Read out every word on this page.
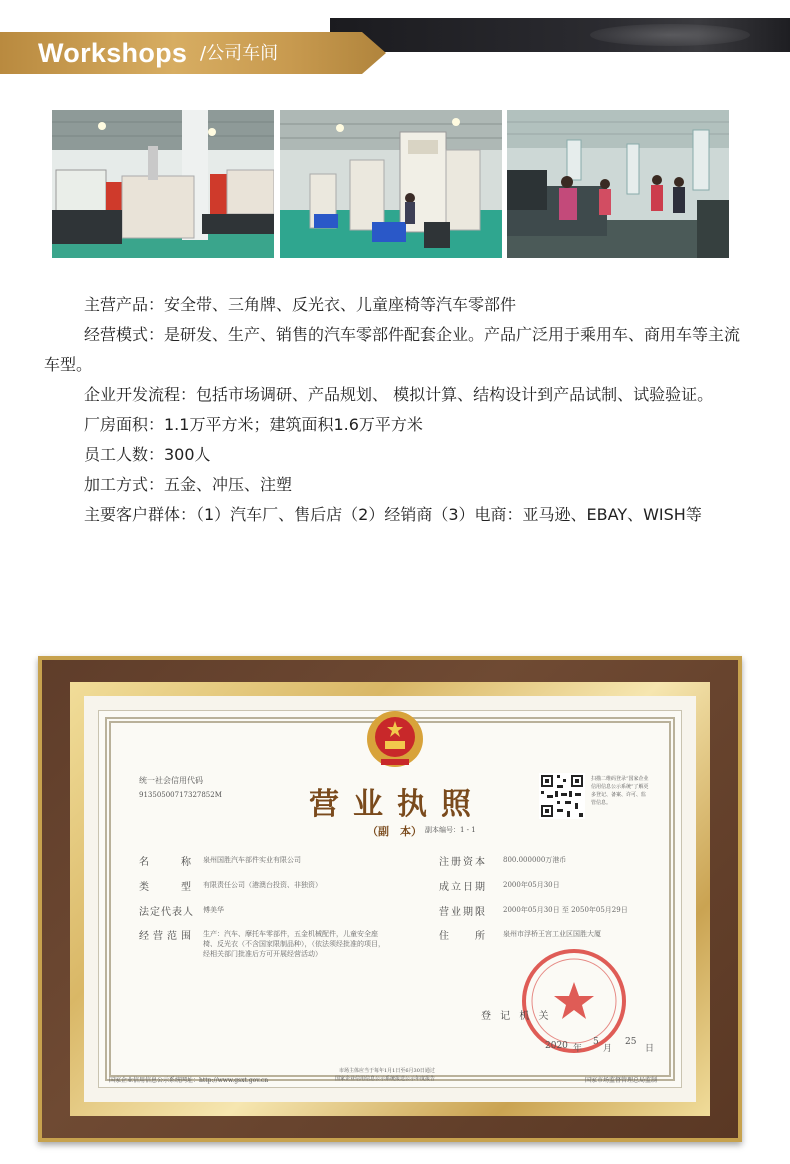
Workshops /公司车间

主营产品：安全带、三角牌、反光衣、儿童座椅等汽车零部件

经营模式：是研发、生产、销售的汽车零部件配套企业。产品广泛用于乘用车、商用车等主流车型。

企业开发流程：包括市场调研、产品规划、 模拟计算、结构设计到产品试制、试验验证。

厂房面积：1.1万平方米；建筑面积1.6万平方米

员工人数：300人

加工方式：五金、冲压、注塑

主要客户群体：（1）汽车厂、售后店（2）经销商（3）电商：亚马逊、EBAY、WISH等

统一社会信用代码
91350500717327852M	营业执照
（副　本） 副本编号：1 - 1
扫描二维码登录“国家企业信用信息公示系统”了解更多登记、备案、许可、监管信息。
名　　称 泉州国胜汽车部件实业有限公司
类　　型 有限责任公司（港澳台投资、非独资）
法定代表人 傅美华
经营范围 生产：汽车、摩托车零部件，五金机械配件，儿童安全座椅、反光衣（不含国家限制品种），（依法须经批准的项目，经相关部门批准后方可开展经营活动）
注册资本 800.000000万港币
成立日期 2000年05月30日
营业期限 2000年05月30日 至 2050年05月29日
住　　所 泉州市浮桥王宫工业区国胜大厦
登 记 机 关
2020 年
5
月
25
日
国家企业信用信息公示系统网址：http://www.gsxt.gov.cn
市场主体应当于每年1月1日至6月30日通过
国家企业信用信息公示系统报送公示年度报告	国家市场监督管理总局监制
